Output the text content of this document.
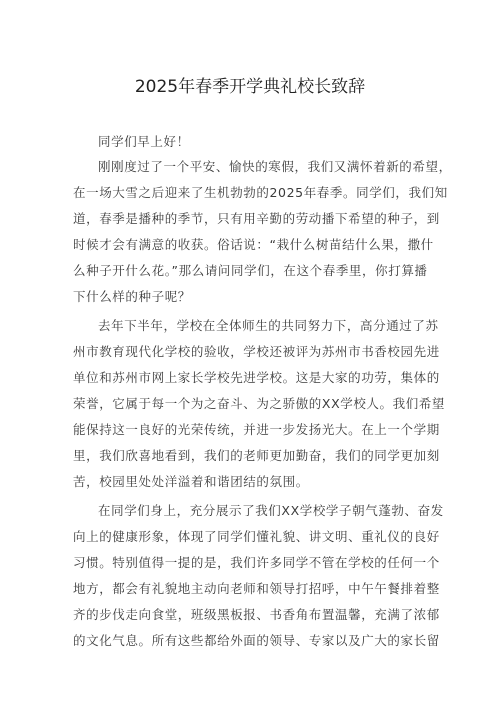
2025年春季开学典礼校长致辞

同学们早上好！

刚刚度过了一个平安、愉快的寒假，我们又满怀着新的希望，

在一场大雪之后迎来了生机勃勃的2025年春季。同学们，我们知

道，春季是播种的季节，只有用辛勤的劳动播下希望的种子，到

时候才会有满意的收获。俗话说：“栽什么树苗结什么果，撒什

么种子开什么花。”那么请问同学们，在这个春季里，你打算播

下什么样的种子呢？

去年下半年，学校在全体师生的共同努力下，高分通过了苏

州市教育现代化学校的验收，学校还被评为苏州市书香校园先进

单位和苏州市网上家长学校先进学校。这是大家的功劳，集体的

荣誉，它属于每一个为之奋斗、为之骄傲的XX学校人。我们希望

能保持这一良好的光荣传统，并进一步发扬光大。在上一个学期

里，我们欣喜地看到，我们的老师更加勤奋，我们的同学更加刻

苦，校园里处处洋溢着和谐团结的氛围。

在同学们身上，充分展示了我们XX学校学子朝气蓬勃、奋发

向上的健康形象，体现了同学们懂礼貌、讲文明、重礼仪的良好

习惯。特别值得一提的是，我们许多同学不管在学校的任何一个

地方，都会有礼貌地主动向老师和领导打招呼，中午午餐排着整

齐的步伐走向食堂，班级黑板报、书香角布置温馨，充满了浓郁

的文化气息。所有这些都给外面的领导、专家以及广大的家长留
